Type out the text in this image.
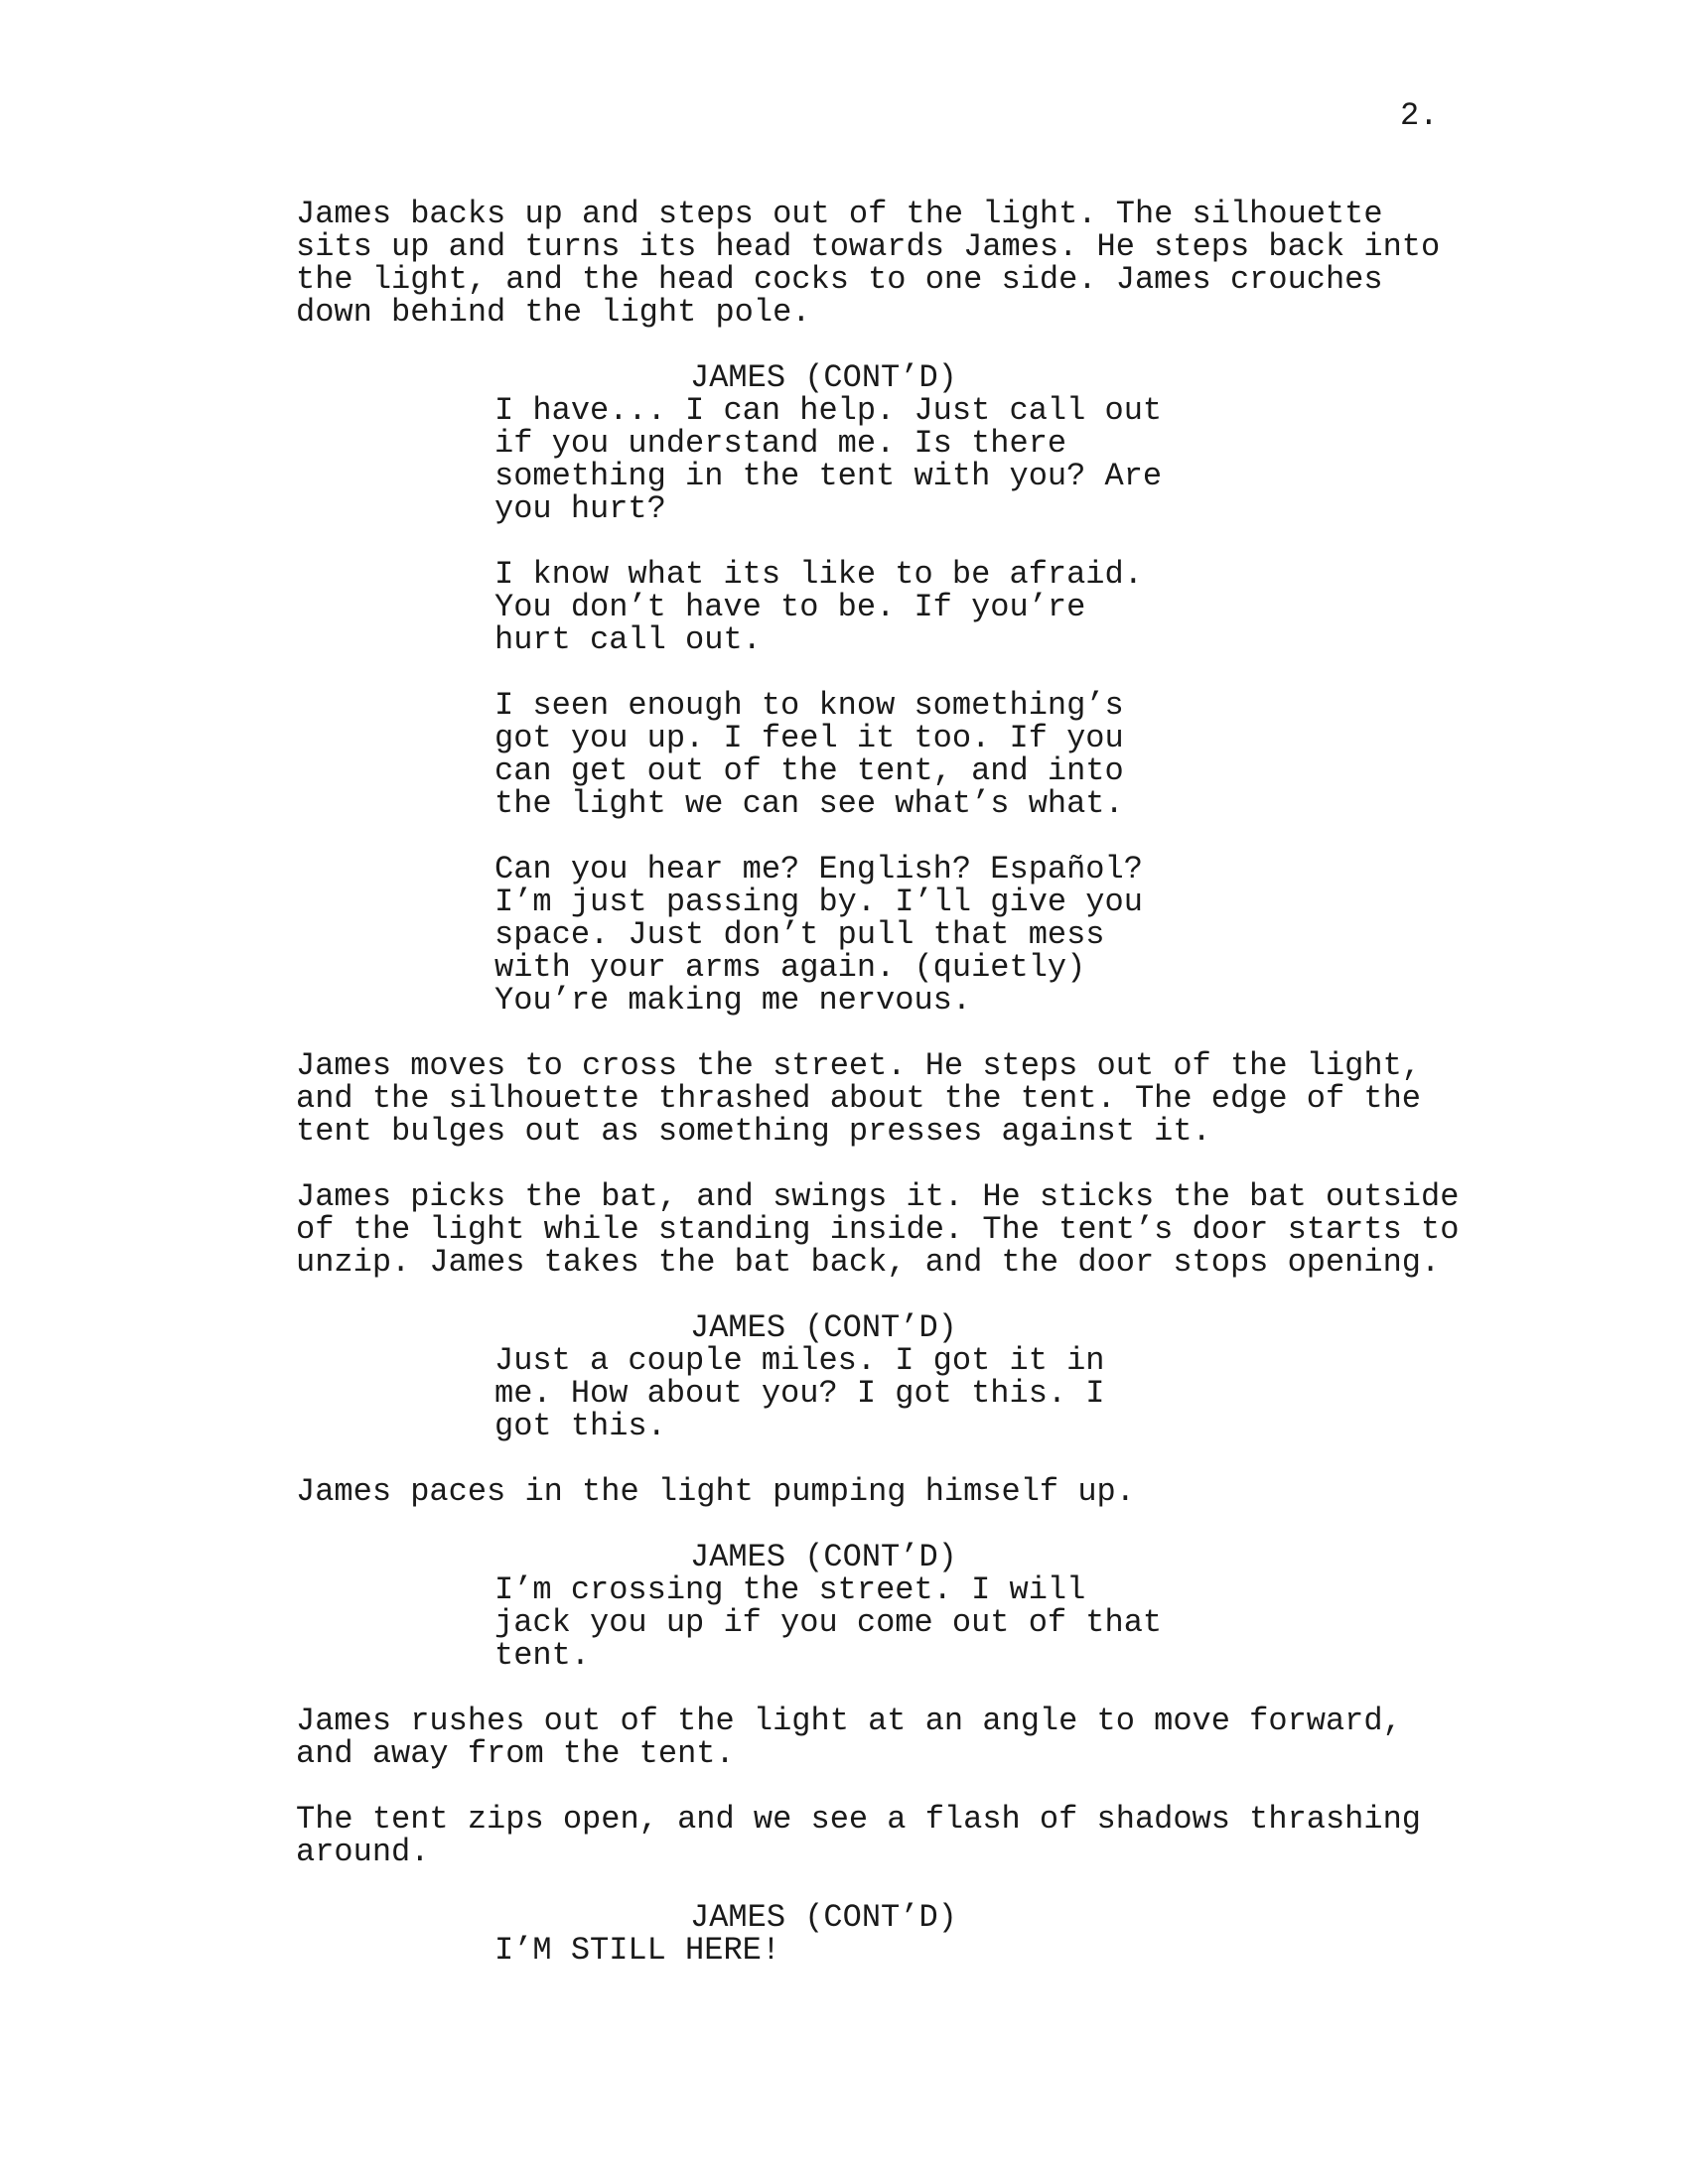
2.

James backs up and steps out of the light. The silhouette
sits up and turns its head towards James. He steps back into
the light, and the head cocks to one side. James crouches
down behind the light pole.

JAMES (CONT’D)

I have... I can help. Just call out
if you understand me. Is there
something in the tent with you? Are
you hurt?

I know what its like to be afraid.
You don’t have to be. If you’re
hurt call out.

I seen enough to know something’s
got you up. I feel it too. If you
can get out of the tent, and into
the light we can see what’s what.

Can you hear me? English? Español?
I’m just passing by. I’ll give you
space. Just don’t pull that mess
with your arms again. (quietly)
You’re making me nervous.

James moves to cross the street. He steps out of the light,
and the silhouette thrashed about the tent. The edge of the
tent bulges out as something presses against it.

James picks the bat, and swings it. He sticks the bat outside
of the light while standing inside. The tent’s door starts to
unzip. James takes the bat back, and the door stops opening.

JAMES (CONT’D)

Just a couple miles. I got it in
me. How about you? I got this. I
got this.

James paces in the light pumping himself up.

JAMES (CONT’D)

I’m crossing the street. I will
jack you up if you come out of that
tent.

James rushes out of the light at an angle to move forward,
and away from the tent.

The tent zips open, and we see a flash of shadows thrashing
around.

JAMES (CONT’D)

I’M STILL HERE!
